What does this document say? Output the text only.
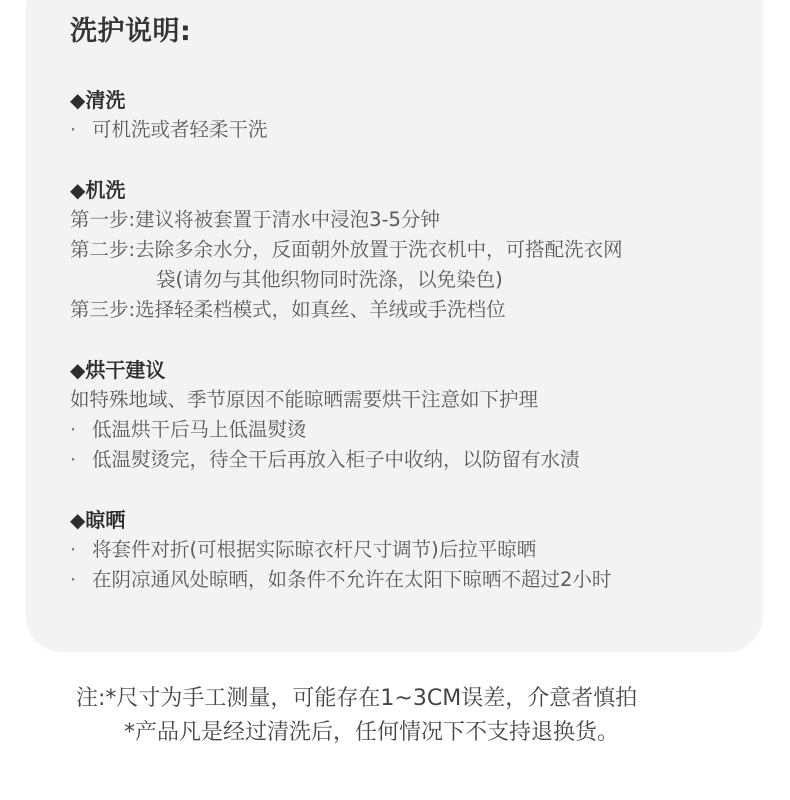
洗护说明:
◆清洗
· 可机洗或者轻柔干洗
◆机洗
第一步:建议将被套置于清水中浸泡3-5分钟
第二步:去除多余水分，反面朝外放置于洗衣机中，可搭配洗衣网
袋(请勿与其他织物同时洗涤，以免染色)
第三步:选择轻柔档模式，如真丝、羊绒或手洗档位
◆烘干建议
如特殊地域、季节原因不能晾晒需要烘干注意如下护理
· 低温烘干后马上低温熨烫
· 低温熨烫完，待全干后再放入柜子中收纳，以防留有水渍
◆晾晒
· 将套件对折(可根据实际晾衣杆尺寸调节)后拉平晾晒
· 在阴凉通风处晾晒，如条件不允许在太阳下晾晒不超过2小时
注:*尺寸为手工测量，可能存在1~3CM误差，介意者慎拍
*产品凡是经过清洗后，任何情况下不支持退换货。
